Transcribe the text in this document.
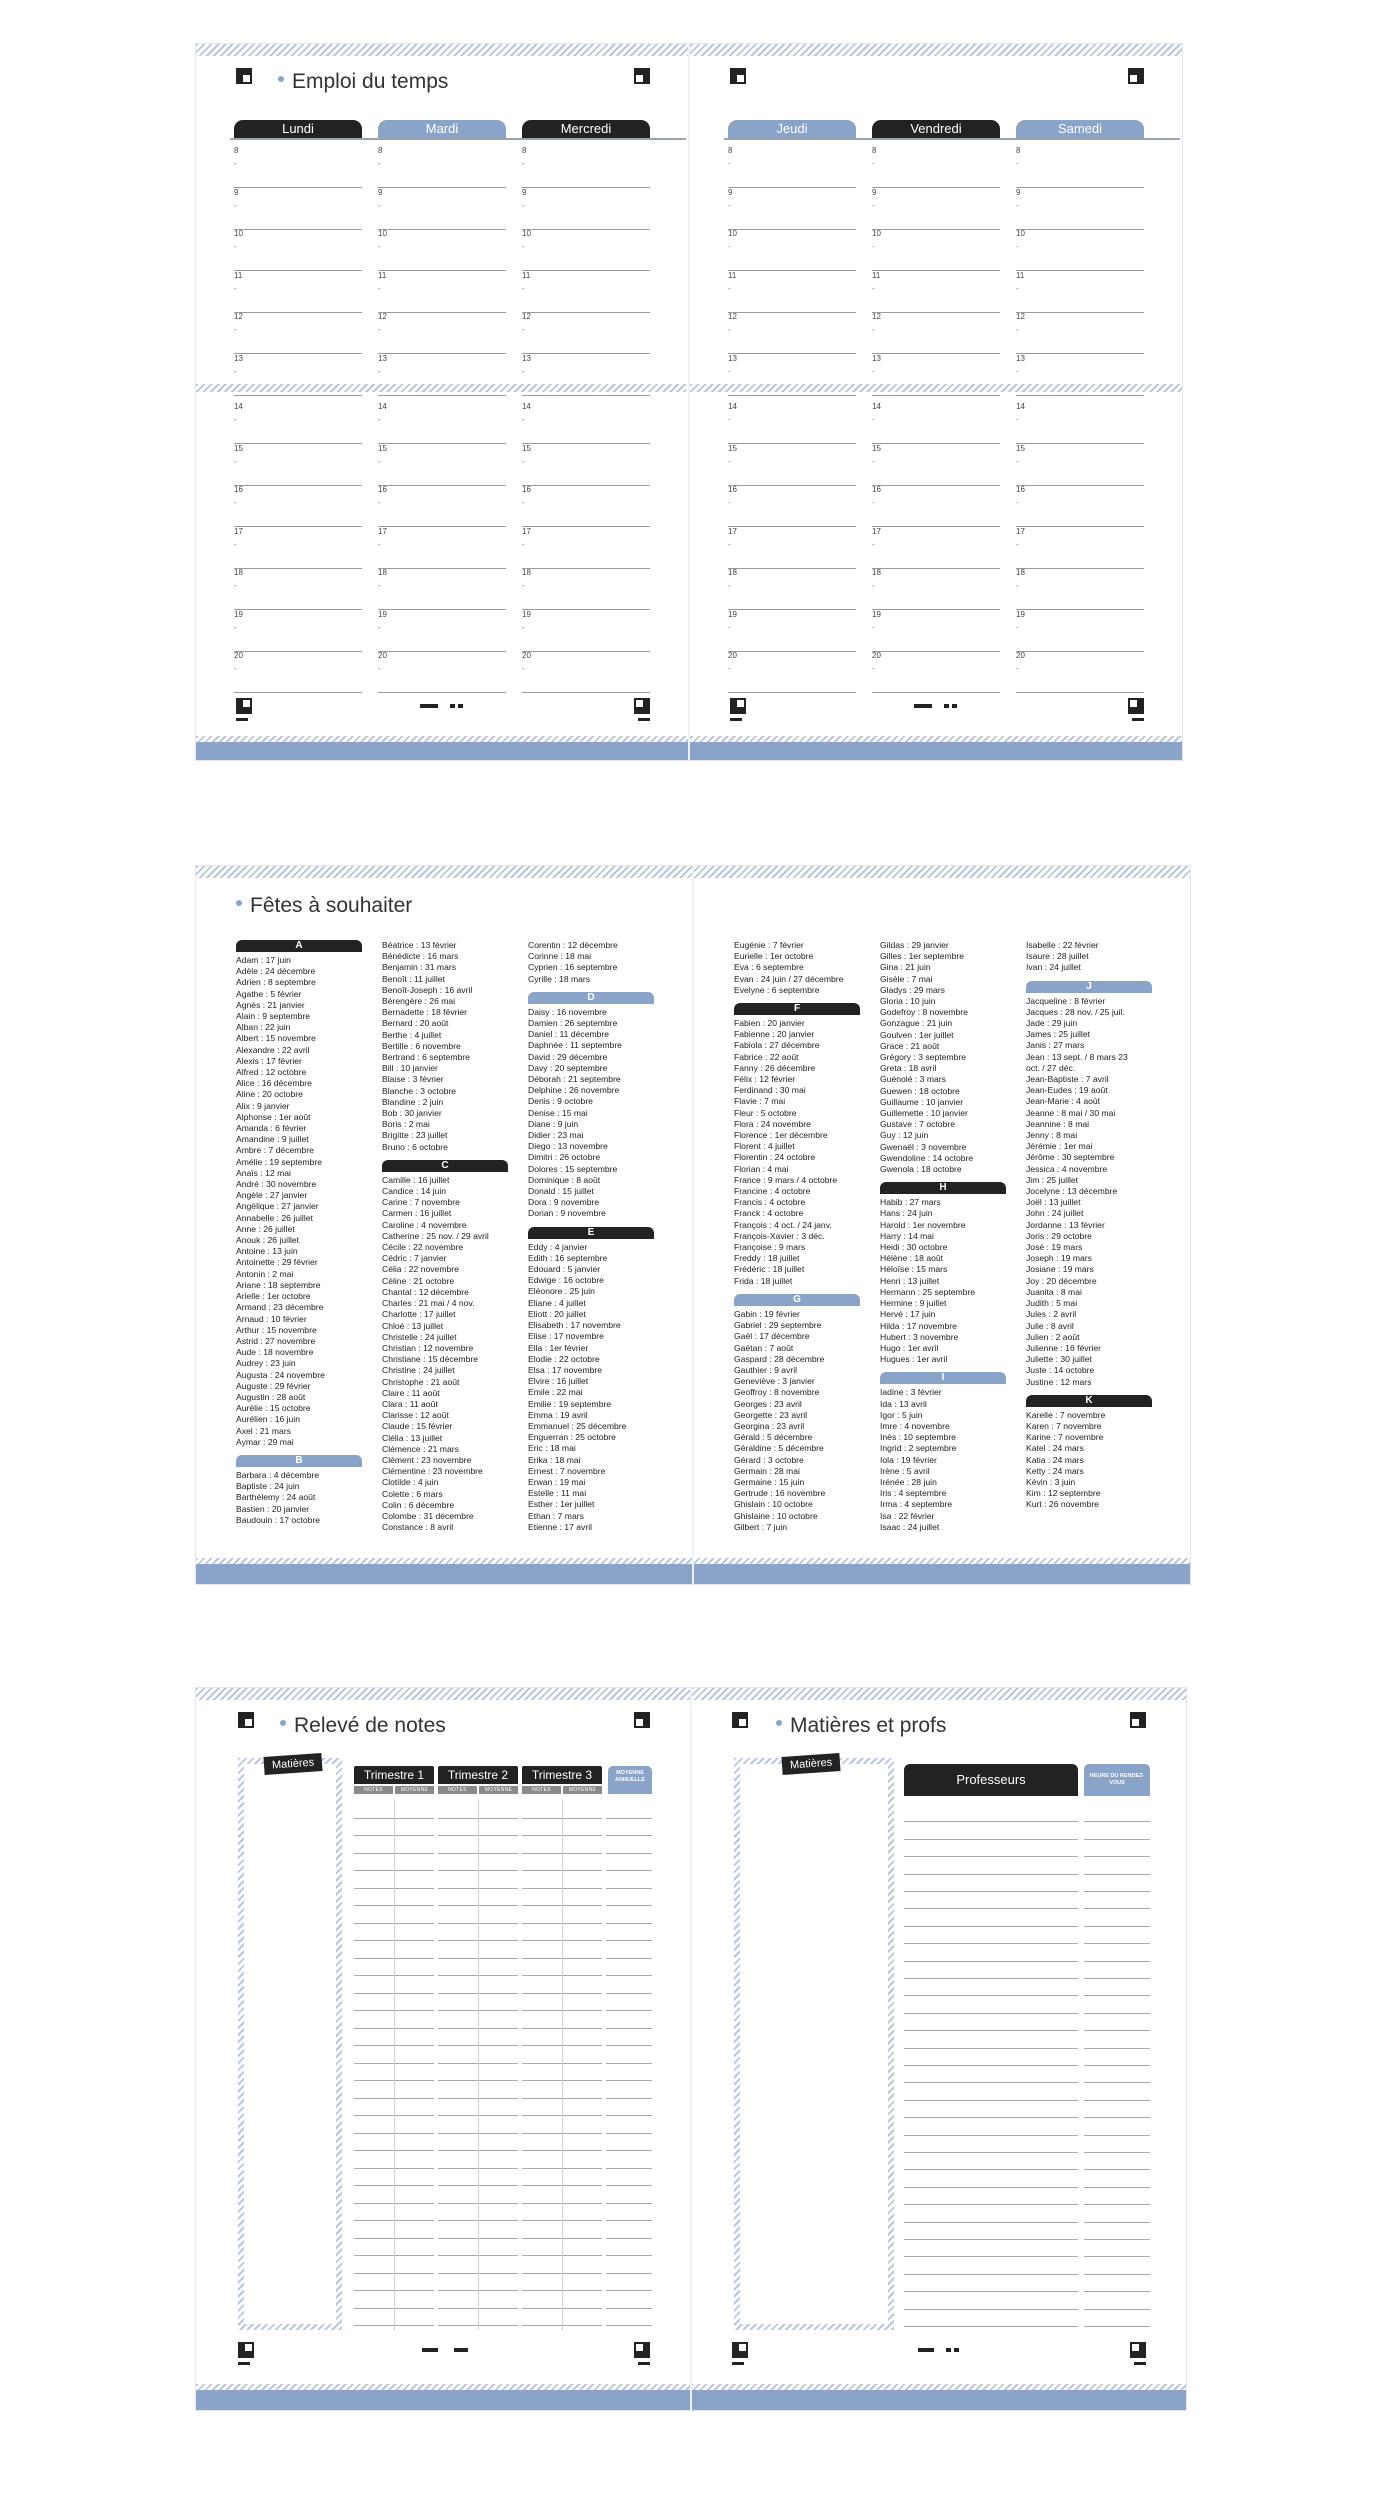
Emploi du temps
Lundi
8
-
9
-
10
-
11
-
12
-
13
-
14
-
15
-
16
-
17
-
18
-
19
-
20
-
Mardi
8
-
9
-
10
-
11
-
12
-
13
-
14
-
15
-
16
-
17
-
18
-
19
-
20
-
Mercredi
8
-
9
-
10
-
11
-
12
-
13
-
14
-
15
-
16
-
17
-
18
-
19
-
20
-
Jeudi
8
-
9
-
10
-
11
-
12
-
13
-
14
-
15
-
16
-
17
-
18
-
19
-
20
-
Vendredi
8
-
9
-
10
-
11
-
12
-
13
-
14
-
15
-
16
-
17
-
18
-
19
-
20
-
Samedi
8
-
9
-
10
-
11
-
12
-
13
-
14
-
15
-
16
-
17
-
18
-
19
-
20
-
Fêtes à souhaiter
A
Adam : 17 juin
Adèle : 24 décembre
Adrien : 8 septembre
Agathe : 5 février
Agnès : 21 janvier
Alain : 9 septembre
Alban : 22 juin
Albert : 15 novembre
Alexandre : 22 avril
Alexis : 17 février
Alfred : 12 octobre
Alice : 16 décembre
Aline : 20 octobre
Alix : 9 janvier
Alphonse : 1er août
Amanda : 6 février
Amandine : 9 juillet
Ambre : 7 décembre
Amélie : 19 septembre
Anaïs : 12 mai
André : 30 novembre
Angèle : 27 janvier
Angélique : 27 janvier
Annabelle : 26 juillet
Anne : 26 juillet
Anouk : 26 juillet
Antoine : 13 juin
Antoinette : 29 février
Antonin : 2 mai
Ariane : 18 septembre
Arielle : 1er octobre
Armand : 23 décembre
Arnaud : 10 février
Arthur : 15 novembre
Astrid : 27 novembre
Aude : 18 novembre
Audrey : 23 juin
Augusta : 24 novembre
Auguste : 29 février
Augustin : 28 août
Aurélie : 15 octobre
Aurélien : 16 juin
Axel : 21 mars
Aymar : 29 mai
B
Barbara : 4 décembre
Baptiste : 24 juin
Barthélemy : 24 août
Bastien : 20 janvier
Baudouin : 17 octobre
Béatrice : 13 février
Bénédicte : 16 mars
Benjamin : 31 mars
Benoît : 11 juillet
Benoît-Joseph : 16 avril
Bérengère : 26 mai
Bernadette : 18 février
Bernard : 20 août
Berthe : 4 juillet
Bertille : 6 novembre
Bertrand : 6 septembre
Bill : 10 janvier
Blaise : 3 février
Blanche : 3 octobre
Blandine : 2 juin
Bob : 30 janvier
Boris : 2 mai
Brigitte : 23 juillet
Bruno : 6 octobre
C
Camille : 16 juillet
Candice : 14 juin
Carine : 7 novembre
Carmen : 16 juillet
Caroline : 4 novembre
Catherine : 25 nov. / 29 avril
Cécile : 22 novembre
Cédric : 7 janvier
Célia : 22 novembre
Céline : 21 octobre
Chantal : 12 décembre
Charles : 21 mai / 4 nov.
Charlotte : 17 juillet
Chloé : 13 juillet
Christelle : 24 juillet
Christian : 12 novembre
Christiane : 15 décembre
Christine : 24 juillet
Christophe : 21 août
Claire : 11 août
Clara : 11 août
Clarisse : 12 août
Claude : 15 février
Clélia : 13 juillet
Clémence : 21 mars
Clément : 23 novembre
Clémentine : 23 novembre
Clotilde : 4 juin
Colette : 6 mars
Colin : 6 décembre
Colombe : 31 décembre
Constance : 8 avril
Corentin : 12 décembre
Corinne : 18 mai
Cyprien : 16 septembre
Cyrille : 18 mars
D
Daisy : 16 novembre
Damien : 26 septembre
Daniel : 11 décembre
Daphnée : 11 septembre
David : 29 décembre
Davy : 20 septembre
Déborah : 21 septembre
Delphine : 26 novembre
Denis : 9 octobre
Denise : 15 mai
Diane : 9 juin
Didier : 23 mai
Diego : 13 novembre
Dimitri : 26 octobre
Dolores : 15 septembre
Dominique : 8 août
Donald : 15 juillet
Dora : 9 novembre
Dorian : 9 novembre
E
Eddy : 4 janvier
Edith : 16 septembre
Edouard : 5 janvier
Edwige : 16 octobre
Eléonore : 25 juin
Eliane : 4 juillet
Eliott : 20 juillet
Elisabeth : 17 novembre
Elise : 17 novembre
Ella : 1er février
Elodie : 22 octobre
Elsa : 17 novembre
Elvire : 16 juillet
Emile : 22 mai
Emilie : 19 septembre
Emma : 19 avril
Emmanuel : 25 décembre
Enguerran : 25 octobre
Eric : 18 mai
Erika : 18 mai
Ernest : 7 novembre
Erwan : 19 mai
Estelle : 11 mai
Esther : 1er juillet
Ethan : 7 mars
Etienne : 17 avril
Eugénie : 7 février
Eurielle : 1er octobre
Eva : 6 septembre
Evan : 24 juin / 27 décembre
Evelyne : 6 septembre
F
Fabien : 20 janvier
Fabienne : 20 janvier
Fabiola : 27 décembre
Fabrice : 22 août
Fanny : 26 décembre
Félix : 12 février
Ferdinand : 30 mai
Flavie : 7 mai
Fleur : 5 octobre
Flora : 24 novembre
Florence : 1er décembre
Florent : 4 juillet
Florentin : 24 octobre
Florian : 4 mai
France : 9 mars / 4 octobre
Francine : 4 octobre
Francis : 4 octobre
Franck : 4 octobre
François : 4 oct. / 24 janv.
François-Xavier : 3 déc.
Françoise : 9 mars
Freddy : 18 juillet
Frédéric : 18 juillet
Frida : 18 juillet
G
Gabin : 19 février
Gabriel : 29 septembre
Gaël : 17 décembre
Gaëtan : 7 août
Gaspard : 28 décembre
Gauthier : 9 avril
Geneviève : 3 janvier
Geoffroy : 8 novembre
Georges : 23 avril
Georgette : 23 avril
Georgina : 23 avril
Gérald : 5 décembre
Géraldine : 5 décembre
Gérard : 3 octobre
Germain : 28 mai
Germaine : 15 juin
Gertrude : 16 novembre
Ghislain : 10 octobre
Ghislaine : 10 octobre
Gilbert : 7 juin
Gildas : 29 janvier
Gilles : 1er septembre
Gina : 21 juin
Gisèle : 7 mai
Gladys : 29 mars
Gloria : 10 juin
Godefroy : 8 novembre
Gonzague : 21 juin
Goulven : 1er juillet
Grace : 21 août
Grégory : 3 septembre
Greta : 18 avril
Guénolé : 3 mars
Guewen : 18 octobre
Guillaume : 10 janvier
Guillemette : 10 janvier
Gustave : 7 octobre
Guy : 12 juin
Gwenaël : 3 novembre
Gwendoline : 14 octobre
Gwenola : 18 octobre
H
Habib : 27 mars
Hans : 24 juin
Harold : 1er novembre
Harry : 14 mai
Heidi : 30 octobre
Hélène : 18 août
Héloïse : 15 mars
Henri : 13 juillet
Hermann : 25 septembre
Hermine : 9 juillet
Hervé : 17 juin
Hilda : 17 novembre
Hubert : 3 novembre
Hugo : 1er avril
Hugues : 1er avril
I
Iadine : 3 février
Ida : 13 avril
Igor : 5 juin
Imre : 4 novembre
Inès : 10 septembre
Ingrid : 2 septembre
Iola : 19 février
Irène : 5 avril
Irénée : 28 juin
Iris : 4 septembre
Irma : 4 septembre
Isa : 22 février
Isaac : 24 juillet
Isabelle : 22 février
Isaure : 28 juillet
Ivan : 24 juillet
J
Jacqueline : 8 février
Jacques : 28 nov. / 25 juil.
Jade : 29 juin
James : 25 juillet
Janis : 27 mars
Jean : 13 sept. / 8 mars 23
oct. / 27 déc.
Jean-Baptiste : 7 avril
Jean-Eudes : 19 août
Jean-Marie : 4 août
Jeanne : 8 mai / 30 mai
Jeannine : 8 mai
Jenny : 8 mai
Jérémie : 1er mai
Jérôme : 30 septembre
Jessica : 4 novembre
Jim : 25 juillet
Jocelyne : 13 décembre
Joël : 13 juillet
John : 24 juillet
Jordanne : 13 février
Joris : 29 octobre
José : 19 mars
Joseph : 19 mars
Josiane : 19 mars
Joy : 20 décembre
Juanita : 8 mai
Judith : 5 mai
Jules : 2 avril
Julie : 8 avril
Julien : 2 août
Julienne : 16 février
Juliette : 30 juillet
Juste : 14 octobre
Justine : 12 mars
K
Karelle : 7 novembre
Karen : 7 novembre
Karine : 7 novembre
Katel : 24 mars
Katia : 24 mars
Ketty : 24 mars
Kévin : 3 juin
Kim : 12 septembre
Kurt : 26 novembre
Relevé de notes
Matières
Trimestre 1	Trimestre 2	Trimestre 3
NOTES	MOYENNE	NOTES	MOYENNE	NOTES	MOYENNE
MOYENNE ANNUELLE
Matières et profs
Matières
Professeurs	HEURE DU RENDEZ-VOUS
